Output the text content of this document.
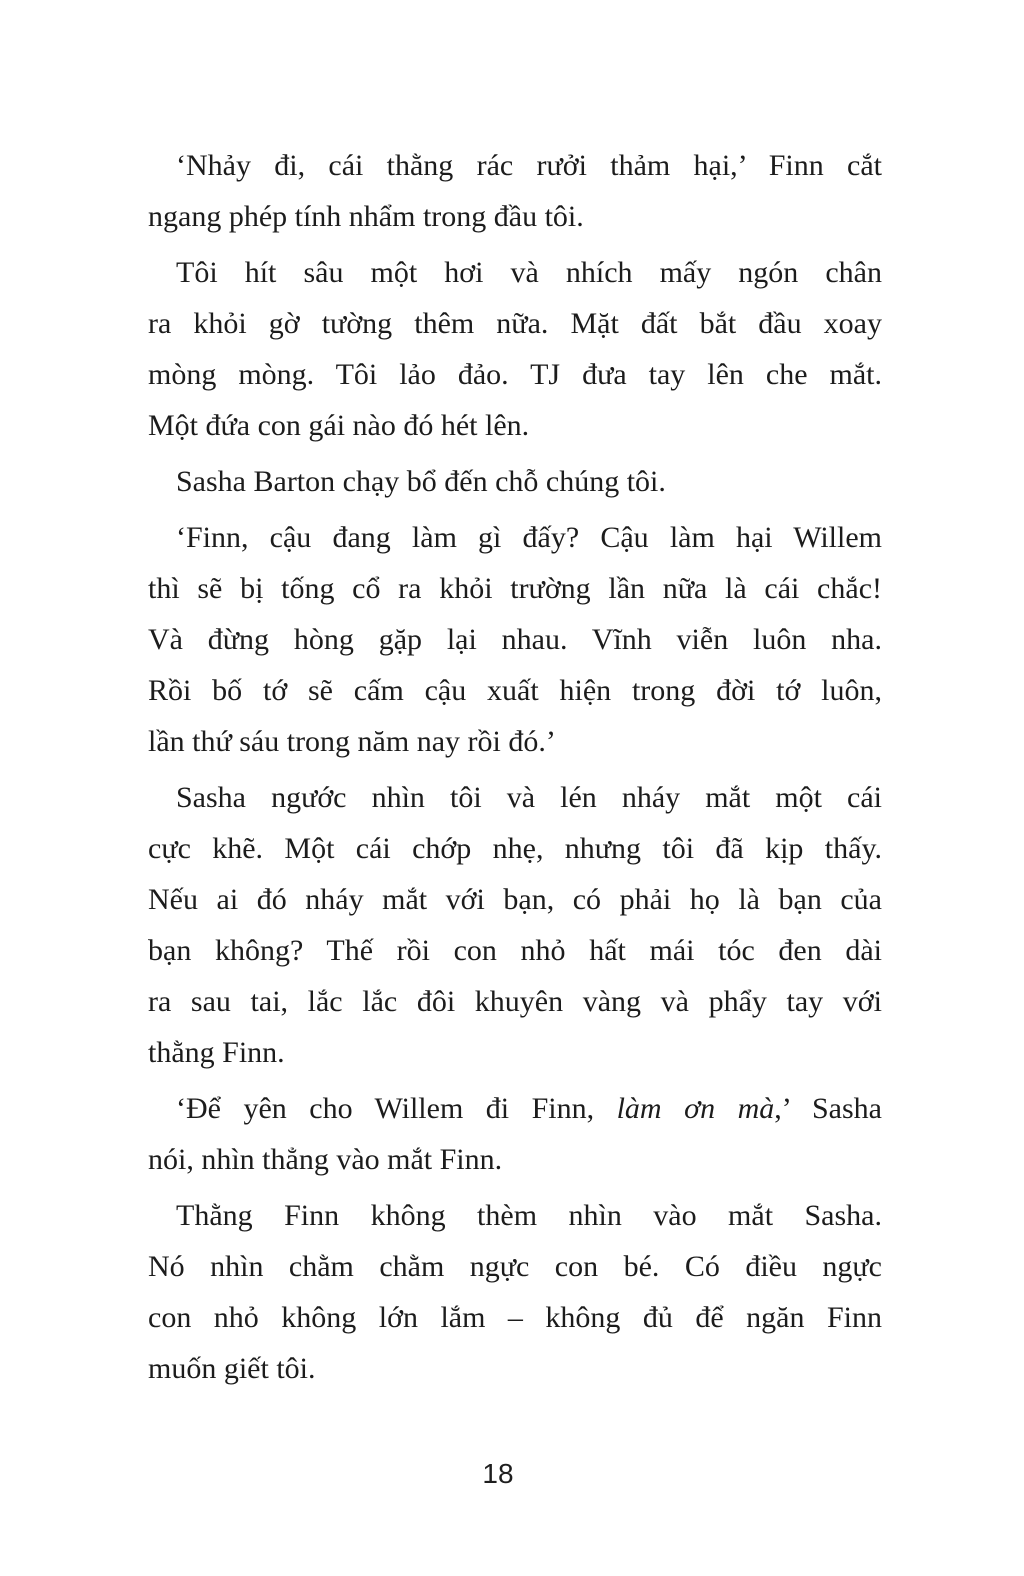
‘Nhảy đi, cái thằng rác rưởi thảm hại,’ Finn cắt
ngang phép tính nhẩm trong đầu tôi.
Tôi hít sâu một hơi và nhích mấy ngón chân
ra khỏi gờ tường thêm nữa. Mặt đất bắt đầu xoay
mòng mòng. Tôi lảo đảo. TJ đưa tay lên che mắt.
Một đứa con gái nào đó hét lên.
Sasha Barton chạy bổ đến chỗ chúng tôi.
‘Finn, cậu đang làm gì đấy? Cậu làm hại Willem
thì sẽ bị tống cổ ra khỏi trường lần nữa là cái chắc!
Và đừng hòng gặp lại nhau. Vĩnh viễn luôn nha.
Rồi bố tớ sẽ cấm cậu xuất hiện trong đời tớ luôn,
lần thứ sáu trong năm nay rồi đó.’
Sasha ngước nhìn tôi và lén nháy mắt một cái
cực khẽ. Một cái chớp nhẹ, nhưng tôi đã kịp thấy.
Nếu ai đó nháy mắt với bạn, có phải họ là bạn của
bạn không? Thế rồi con nhỏ hất mái tóc đen dài
ra sau tai, lắc lắc đôi khuyên vàng và phẩy tay với
thằng Finn.
‘Để yên cho Willem đi Finn, làm ơn mà,’ Sasha
nói, nhìn thẳng vào mắt Finn.
Thằng Finn không thèm nhìn vào mắt Sasha.
Nó nhìn chằm chằm ngực con bé. Có điều ngực
con nhỏ không lớn lắm – không đủ để ngăn Finn
muốn giết tôi.
18
